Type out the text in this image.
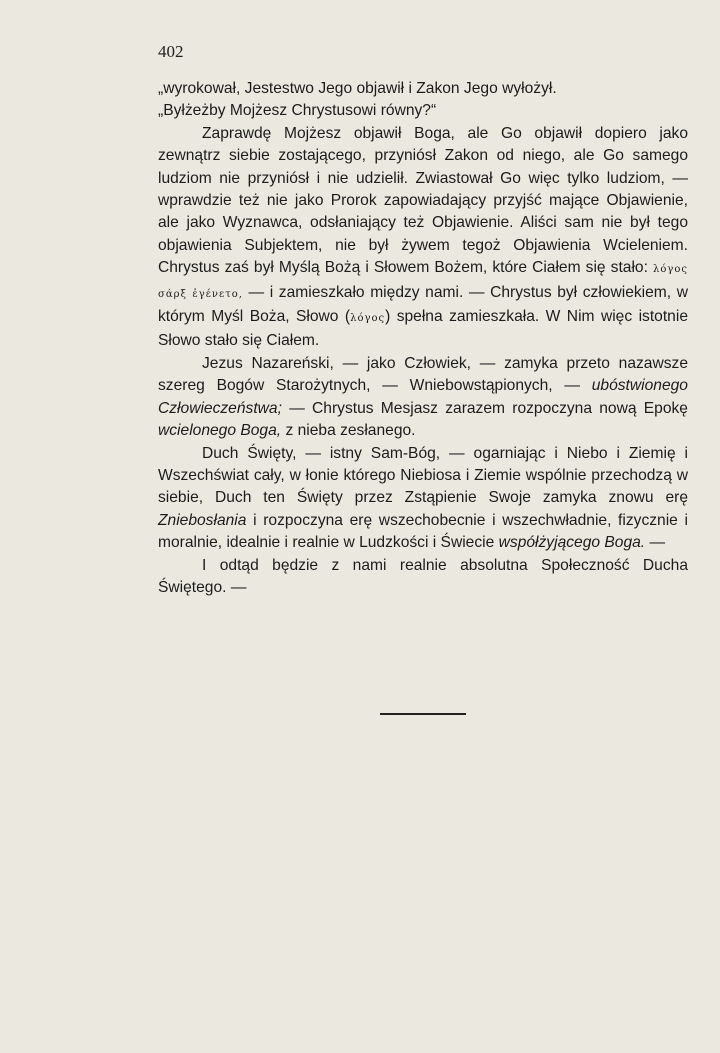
402

„wyrokował, Jestestwo Jego objawił i Zakon Jego wyłożył.
„Byłżeżby Mojżesz Chrystusowi równy?“

Zaprawdę Mojżesz objawił Boga, ale Go objawił dopiero jako zewnątrz siebie zostającego, przyniósł Zakon od niego, ale Go samego ludziom nie przyniósł i nie udzielił. Zwiastował Go więc tylko ludziom, — wprawdzie też nie jako Prorok zapowiadający przyjść mające Objawienie, ale jako Wyznawca, odsłaniający też Objawienie. Aliści sam nie był tego objawienia Subjektem, nie był żywem tegoż Objawienia Wcieleniem. Chrystus zaś był Myślą Bożą i Słowem Bożem, które Ciałem się stało: λόγος σάρξ ἐγένετο, — i zamieszkało między nami. — Chrystus był człowiekiem, w którym Myśl Boża, Słowo (λόγος) spełna zamieszkała. W Nim więc istotnie Słowo stało się Ciałem.

Jezus Nazareński, — jako Człowiek, — zamyka przeto nazawsze szereg Bogów Starożytnych, — Wniebowstąpionych, — ubóstwionego Człowieczeństwa; — Chrystus Mesjasz zarazem rozpoczyna nową Epokę wcielonego Boga, z nieba zesłanego.

Duch Święty, — istny Sam-Bóg, — ogarniając i Niebo i Ziemię i Wszechświat cały, w łonie którego Niebiosa i Ziemie wspólnie przechodzą w siebie, Duch ten Święty przez Zstąpienie Swoje zamyka znowu erę Zniebosłania i rozpoczyna erę wszechobecnie i wszechwładnie, fizycznie i moralnie, idealnie i realnie w Ludzkości i Świecie współżyjącego Boga. —

I odtąd będzie z nami realnie absolutna Społeczność Ducha Świętego. —
